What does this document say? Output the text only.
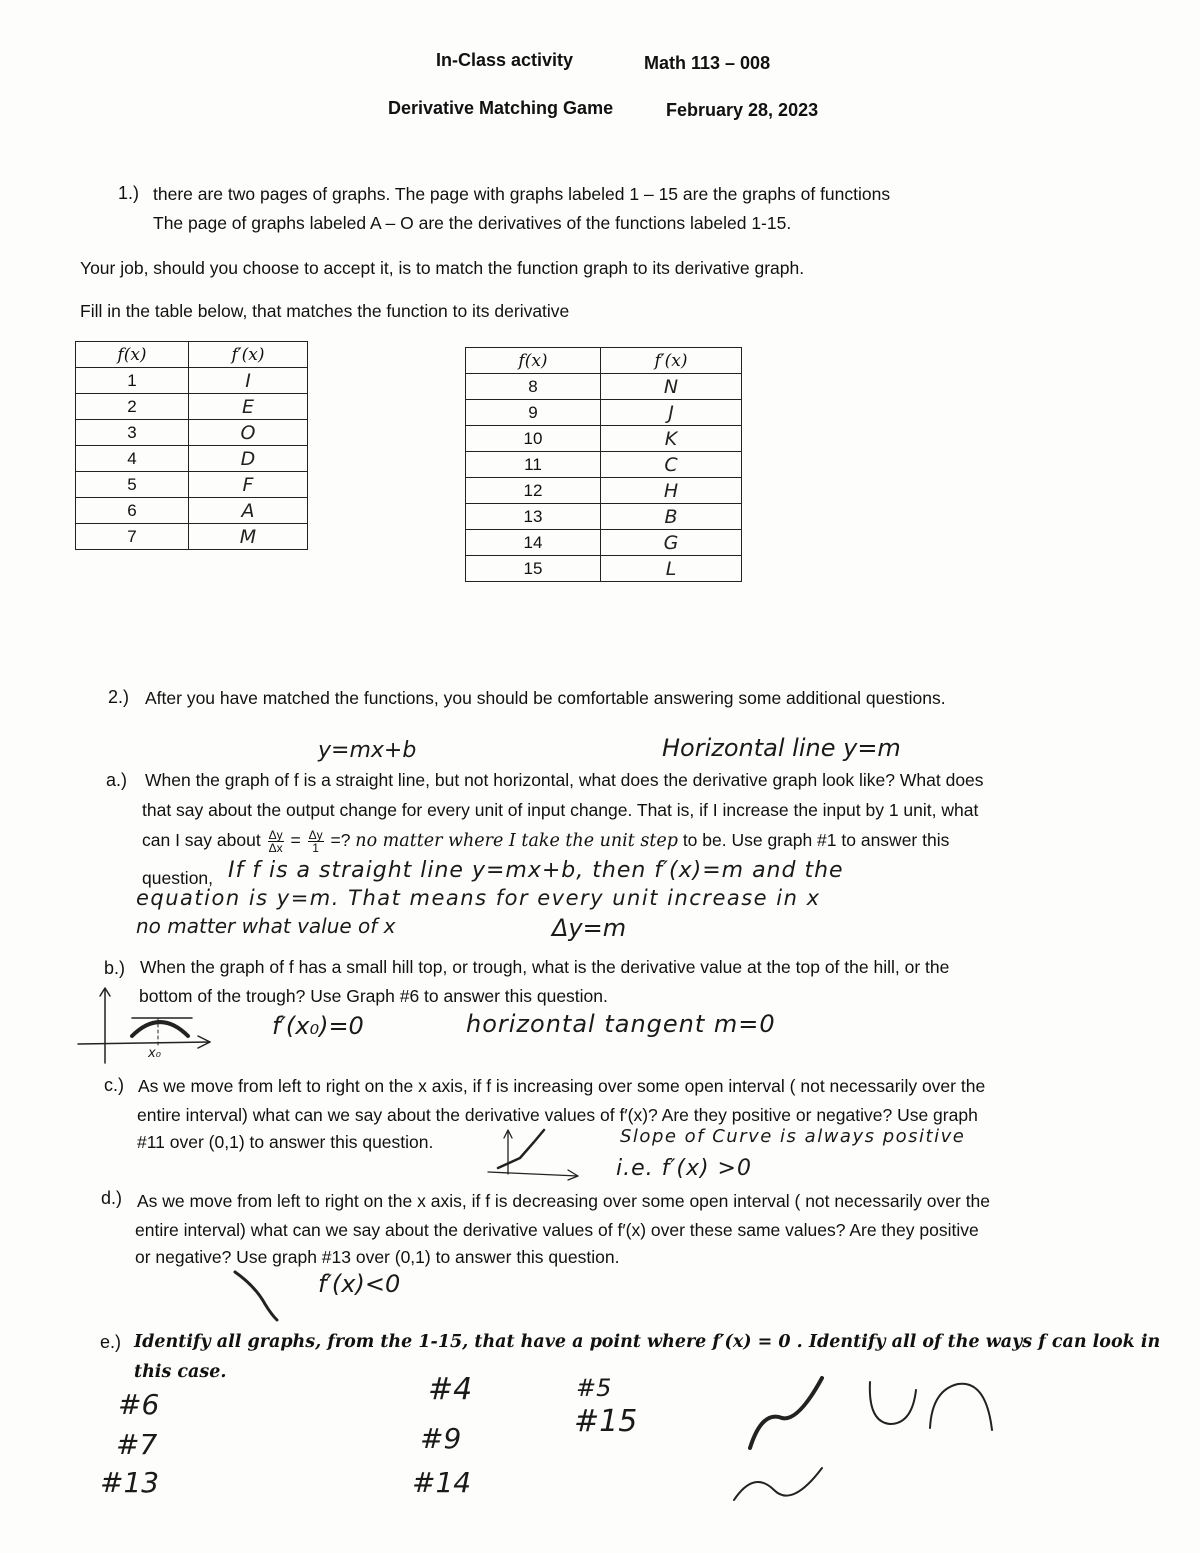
In-Class activity	Math 113 – 008
Derivative Matching Game	February 28, 2023
1.) there are two pages of graphs. The page with graphs labeled 1 – 15 are the graphs of functions
The page of graphs labeled A – O are the derivatives of the functions labeled 1-15.
Your job, should you choose to accept it, is to match the function graph to its derivative graph.
Fill in the table below, that matches the function to its derivative
f(x)	f′(x)
1	I
2	E
3	O
4	D
5	F
6	A
7	M
f(x)	f′(x)
8	N
9	J
10	K
11	C
12	H
13	B
14	G
15	L
2.) After you have matched the functions, you should be comfortable answering some additional questions.
y=mx+b	Horizontal line y=m
a.) When the graph of f is a straight line, but not horizontal, what does the derivative graph look like? What does
that say about the output change for every unit of input change. That is, if I increase the input by 1 unit, what
can I say about $\frac{\Delta y}{\Delta x} = \frac{\Delta y}{1}$ =? no matter where I take the unit step to be. Use graph #1 to answer this
question, If f is a straight line y=mx+b, then f′(x)=m and the
equation is y=m. That means for every unit increase in x
no matter what value of x	Δy=m
b.) When the graph of f has a small hill top, or trough, what is the derivative value at the top of the hill, or the
bottom of the trough? Use Graph #6 to answer this question.
x₀
f′(x₀)=0	horizontal tangent m=0
c.) As we move from left to right on the x axis, if f is increasing over some open interval ( not necessarily over the
entire interval) what can we say about the derivative values of f′(x)? Are they positive or negative? Use graph
#11 over (0,1) to answer this question.	Slope of Curve is always positive
i.e. f′(x) >0
d.) As we move from left to right on the x axis, if f is decreasing over some open interval ( not necessarily over the
entire interval) what can we say about the derivative values of f′(x) over these same values? Are they positive
or negative? Use graph #13 over (0,1) to answer this question.
f′(x)<0
e.) Identify all graphs, from the 1-15, that have a point where f′(x) = 0 . Identify all of the ways f can look in
this case.
#6
#7
#13
#4
#9
#14
#5
#15
